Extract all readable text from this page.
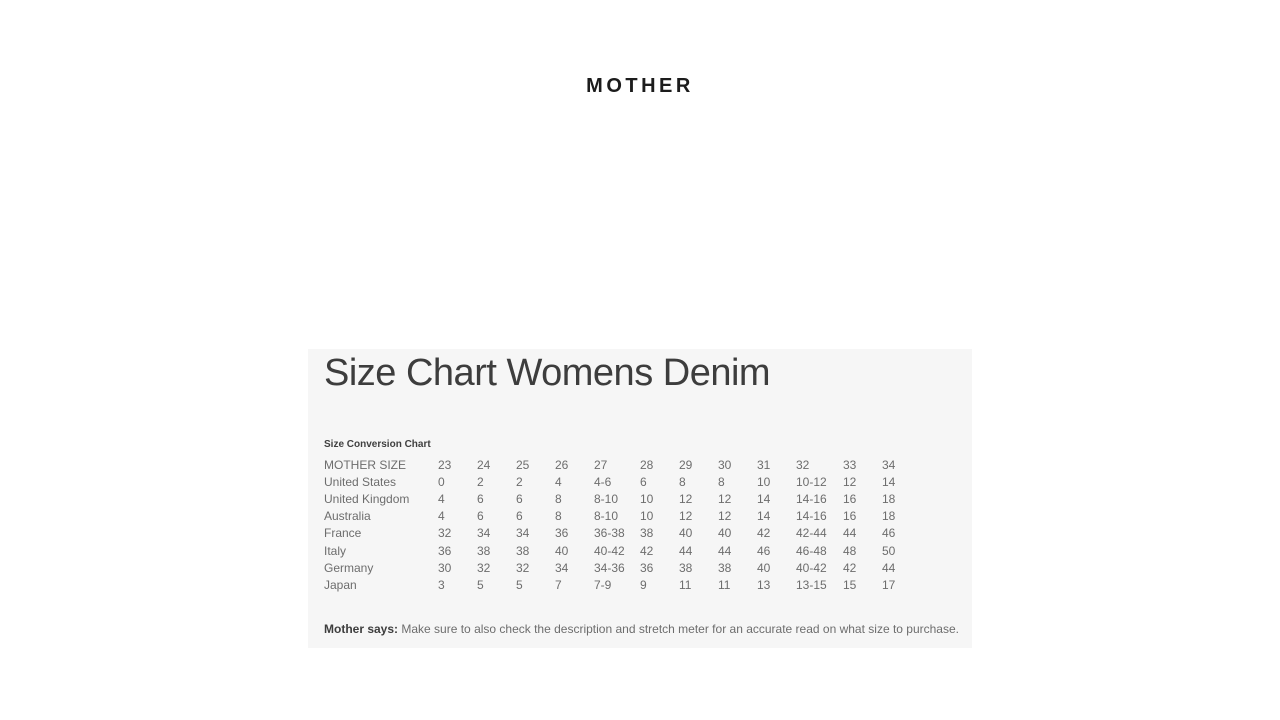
MOTHER
Size Chart Womens Denim
Size Conversion Chart
MOTHER SIZE	23	24	25	26	27	28	29	30	31	32	33	34
United States	0	2	2	4	4-6	6	8	8	10	10-12	12	14
United Kingdom	4	6	6	8	8-10	10	12	12	14	14-16	16	18
Australia	4	6	6	8	8-10	10	12	12	14	14-16	16	18
France	32	34	34	36	36-38	38	40	40	42	42-44	44	46
Italy	36	38	38	40	40-42	42	44	44	46	46-48	48	50
Germany	30	32	32	34	34-36	36	38	38	40	40-42	42	44
Japan	3	5	5	7	7-9	9	11	11	13	13-15	15	17

Mother says: Make sure to also check the description and stretch meter for an accurate read on what size to purchase.
